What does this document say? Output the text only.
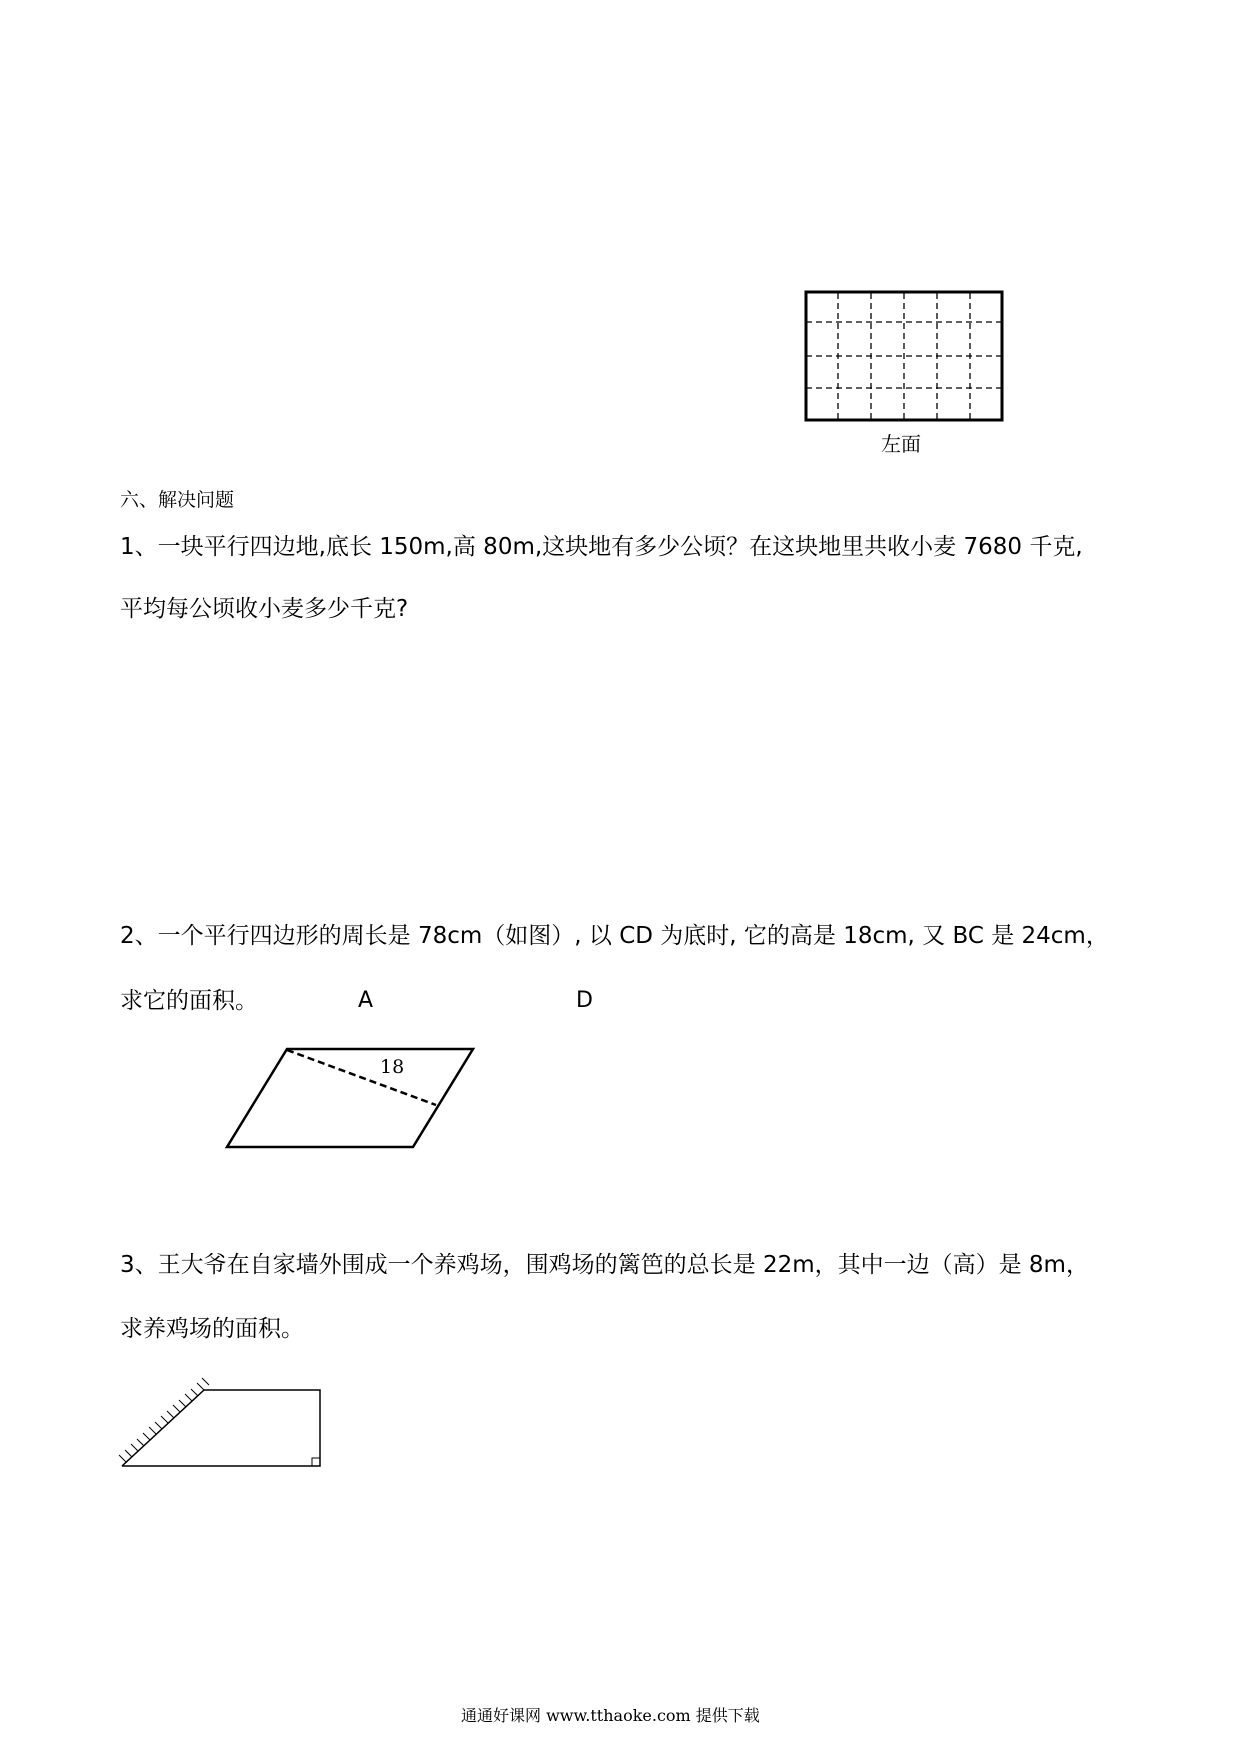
左面
六、解决问题
1、一块平行四边地,底长 150m,高 80m,这块地有多少公顷？在这块地里共收小麦 7680 千克,
平均每公顷收小麦多少千克?
2、一个平行四边形的周长是 78cm（如图）, 以 CD 为底时, 它的高是 18cm, 又 BC 是 24cm，
求它的面积。	A	D
18
3、王大爷在自家墙外围成一个养鸡场，围鸡场的篱笆的总长是 22m，其中一边（高）是 8m，
求养鸡场的面积。
通通好课网 www.tthaoke.com 提供下载
